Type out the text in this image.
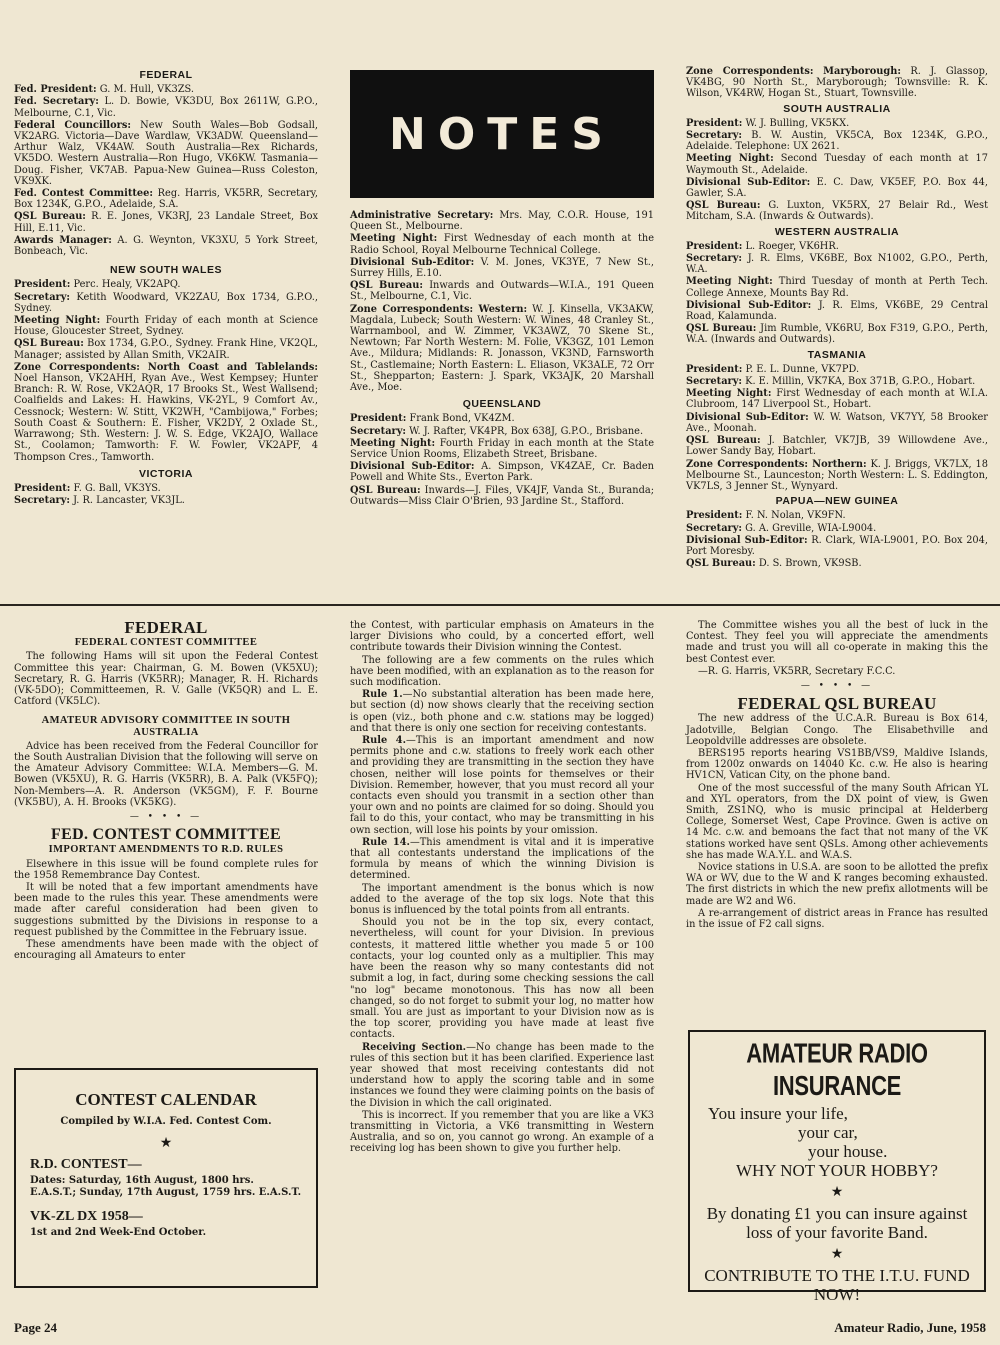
NOTES
FEDERAL

Fed. President: G. M. Hull, VK3ZS.

Fed. Secretary: L. D. Bowie, VK3DU, Box 2611W, G.P.O., Melbourne, C.1, Vic.

Federal Councillors: New South Wales—Bob Godsall, VK2ARG. Victoria—Dave Wardlaw, VK3ADW. Queensland—Arthur Walz, VK4AW. South Australia—Rex Richards, VK5DO. Western Australia—Ron Hugo, VK6KW. Tasmania—Doug. Fisher, VK7AB. Papua-New Guinea—Russ Coleston, VK9XK.

Fed. Contest Committee: Reg. Harris, VK5RR, Secretary, Box 1234K, G.P.O., Adelaide, S.A.

QSL Bureau: R. E. Jones, VK3RJ, 23 Landale Street, Box Hill, E.11, Vic.

Awards Manager: A. G. Weynton, VK3XU, 5 York Street, Bonbeach, Vic.

NEW SOUTH WALES

President: Perc. Healy, VK2APQ.

Secretary: Ketith Woodward, VK2ZAU, Box 1734, G.P.O., Sydney.

Meeting Night: Fourth Friday of each month at Science House, Gloucester Street, Sydney.

QSL Bureau: Box 1734, G.P.O., Sydney. Frank Hine, VK2QL, Manager; assisted by Allan Smith, VK2AIR.

Zone Correspondents: North Coast and Tablelands: Noel Hanson, VK2AHH, Ryan Ave., West Kempsey; Hunter Branch: R. W. Rose, VK2AQR, 17 Brooks St., West Wallsend; Coalfields and Lakes: H. Hawkins, VK-2YL, 9 Comfort Av., Cessnock; Western: W. Stitt, VK2WH, "Cambijowa," Forbes; South Coast & Southern: E. Fisher, VK2DY, 2 Oxlade St., Warrawong; Sth. Western: J. W. S. Edge, VK2AJO, Wallace St., Coolamon; Tamworth: F. W. Fowler, VK2APF, 4 Thompson Cres., Tamworth.

VICTORIA

President: F. G. Ball, VK3YS.

Secretary: J. R. Lancaster, VK3JL.

Administrative Secretary: Mrs. May, C.O.R. House, 191 Queen St., Melbourne.

Meeting Night: First Wednesday of each month at the Radio School, Royal Melbourne Technical College.

Divisional Sub-Editor: V. M. Jones, VK3YE, 7 New St., Surrey Hills, E.10.

QSL Bureau: Inwards and Outwards—W.I.A., 191 Queen St., Melbourne, C.1, Vic.

Zone Correspondents: Western: W. J. Kinsella, VK3AKW, Magdala, Lubeck; South Western: W. Wines, 48 Cranley St., Warrnambool, and W. Zimmer, VK3AWZ, 70 Skene St., Newtown; Far North Western: M. Folie, VK3GZ, 101 Lemon Ave., Mildura; Midlands: R. Jonasson, VK3ND, Farnsworth St., Castlemaine; North Eastern: L. Eliason, VK3ALE, 72 Orr St., Shepparton; Eastern: J. Spark, VK3AJK, 20 Marshall Ave., Moe.

QUEENSLAND

President: Frank Bond, VK4ZM.

Secretary: W. J. Rafter, VK4PR, Box 638J, G.P.O., Brisbane.

Meeting Night: Fourth Friday in each month at the State Service Union Rooms, Elizabeth Street, Brisbane.

Divisional Sub-Editor: A. Simpson, VK4ZAE, Cr. Baden Powell and White Sts., Everton Park.

QSL Bureau: Inwards—J. Files, VK4JF, Vanda St., Buranda; Outwards—Miss Clair O'Brien, 93 Jardine St., Stafford.

Zone Correspondents: Maryborough: R. J. Glassop, VK4BG, 90 North St., Maryborough; Townsville: R. K. Wilson, VK4RW, Hogan St., Stuart, Townsville.

SOUTH AUSTRALIA

President: W. J. Bulling, VK5KX.

Secretary: B. W. Austin, VK5CA, Box 1234K, G.P.O., Adelaide. Telephone: UX 2621.

Meeting Night: Second Tuesday of each month at 17 Waymouth St., Adelaide.

Divisional Sub-Editor: E. C. Daw, VK5EF, P.O. Box 44, Gawler, S.A.

QSL Bureau: G. Luxton, VK5RX, 27 Belair Rd., West Mitcham, S.A. (Inwards & Outwards).

WESTERN AUSTRALIA

President: L. Roeger, VK6HR.

Secretary: J. R. Elms, VK6BE, Box N1002, G.P.O., Perth, W.A.

Meeting Night: Third Tuesday of month at Perth Tech. College Annexe, Mounts Bay Rd.

Divisional Sub-Editor: J. R. Elms, VK6BE, 29 Central Road, Kalamunda.

QSL Bureau: Jim Rumble, VK6RU, Box F319, G.P.O., Perth, W.A. (Inwards and Outwards).

TASMANIA

President: P. E. L. Dunne, VK7PD.

Secretary: K. E. Millin, VK7KA, Box 371B, G.P.O., Hobart.

Meeting Night: First Wednesday of each month at W.I.A. Clubroom, 147 Liverpool St., Hobart.

Divisional Sub-Editor: W. W. Watson, VK7YY, 58 Brooker Ave., Moonah.

QSL Bureau: J. Batchler, VK7JB, 39 Willowdene Ave., Lower Sandy Bay, Hobart.

Zone Correspondents: Northern: K. J. Briggs, VK7LX, 18 Melbourne St., Launceston; North Western: L. S. Eddington, VK7LS, 3 Jenner St., Wynyard.

PAPUA—NEW GUINEA

President: F. N. Nolan, VK9FN.

Secretary: G. A. Greville, WIA-L9004.

Divisional Sub-Editor: R. Clark, WIA-L9001, P.O. Box 204, Port Moresby.

QSL Bureau: D. S. Brown, VK9SB.

FEDERAL
FEDERAL CONTEST COMMITTEE

The following Hams will sit upon the Federal Contest Committee this year: Chairman, G. M. Bowen (VK5XU); Secretary, R. G. Harris (VK5RR); Manager, R. H. Richards (VK-5DO); Committeemen, R. V. Galle (VK5QR) and L. E. Catford (VK5LC).

AMATEUR ADVISORY COMMITTEE IN SOUTH AUSTRALIA

Advice has been received from the Federal Councillor for the South Australian Division that the following will serve on the Amateur Advisory Committee: W.I.A. Members—G. M. Bowen (VK5XU), R. G. Harris (VK5RR), B. A. Palk (VK5FQ); Non-Members—A. R. Anderson (VK5GM), F. F. Bourne (VK5BU), A. H. Brooks (VK5KG).

— • • • —
FED. CONTEST COMMITTEE
IMPORTANT AMENDMENTS TO R.D. RULES

Elsewhere in this issue will be found complete rules for the 1958 Remembrance Day Contest.

It will be noted that a few important amendments have been made to the rules this year. These amendments were made after careful consideration had been given to suggestions submitted by the Divisions in response to a request published by the Committee in the February issue.

These amendments have been made with the object of encouraging all Amateurs to enter

CONTEST CALENDAR
Compiled by W.I.A. Fed. Contest Com.
★
R.D. CONTEST—
Dates: Saturday, 16th August, 1800 hrs. E.A.S.T.; Sunday, 17th August, 1759 hrs. E.A.S.T.
VK-ZL DX 1958—
1st and 2nd Week-End October.

the Contest, with particular emphasis on Amateurs in the larger Divisions who could, by a concerted effort, well contribute towards their Division winning the Contest.

The following are a few comments on the rules which have been modified, with an explanation as to the reason for such modification.

Rule 1.—No substantial alteration has been made here, but section (d) now shows clearly that the receiving section is open (viz., both phone and c.w. stations may be logged) and that there is only one section for receiving contestants.

Rule 4.—This is an important amendment and now permits phone and c.w. stations to freely work each other and providing they are transmitting in the section they have chosen, neither will lose points for themselves or their Division. Remember, however, that you must record all your contacts even should you transmit in a section other than your own and no points are claimed for so doing. Should you fail to do this, your contact, who may be transmitting in his own section, will lose his points by your omission.

Rule 14.—This amendment is vital and it is imperative that all contestants understand the implications of the formula by means of which the winning Division is determined.

The important amendment is the bonus which is now added to the average of the top six logs. Note that this bonus is influenced by the total points from all entrants.

Should you not be in the top six, every contact, nevertheless, will count for your Division. In previous contests, it mattered little whether you made 5 or 100 contacts, your log counted only as a multiplier. This may have been the reason why so many contestants did not submit a log, in fact, during some checking sessions the call "no log" became monotonous. This has now all been changed, so do not forget to submit your log, no matter how small. You are just as important to your Division now as is the top scorer, providing you have made at least five contacts.

Receiving Section.—No change has been made to the rules of this section but it has been clarified. Experience last year showed that most receiving contestants did not understand how to apply the scoring table and in some instances we found they were claiming points on the basis of the Division in which the call originated.

This is incorrect. If you remember that you are like a VK3 transmitting in Victoria, a VK6 transmitting in Western Australia, and so on, you cannot go wrong. An example of a receiving log has been shown to give you further help.

The Committee wishes you all the best of luck in the Contest. They feel you will appreciate the amendments made and trust you will all co-operate in making this the best Contest ever.

—R. G. Harris, VK5RR, Secretary F.C.C.

— • • • —
FEDERAL QSL BUREAU

The new address of the U.C.A.R. Bureau is Box 614, Jadotville, Belgian Congo. The Elisabethville and Leopoldville addresses are obsolete.

BERS195 reports hearing VS1BB/VS9, Maldive Islands, from 1200z onwards on 14040 Kc. c.w. He also is hearing HV1CN, Vatican City, on the phone band.

One of the most successful of the many South African YL and XYL operators, from the DX point of view, is Gwen Smith, ZS1NQ, who is music principal at Helderberg College, Somerset West, Cape Province. Gwen is active on 14 Mc. c.w. and bemoans the fact that not many of the VK stations worked have sent QSLs. Among other achievements she has made W.A.Y.L. and W.A.S.

Novice stations in U.S.A. are soon to be allotted the prefix WA or WV, due to the W and K ranges becoming exhausted. The first districts in which the new prefix allotments will be made are W2 and W6.

A re-arrangement of district areas in France has resulted in the issue of F2 call signs.

AMATEUR RADIO INSURANCE
You insure your life,
your car,
your house.
WHY NOT YOUR HOBBY?
★
By donating £1 you can insure against loss of your favorite Band.
★
CONTRIBUTE TO THE I.T.U. FUND NOW!
Page 24	Amateur Radio, June, 1958
